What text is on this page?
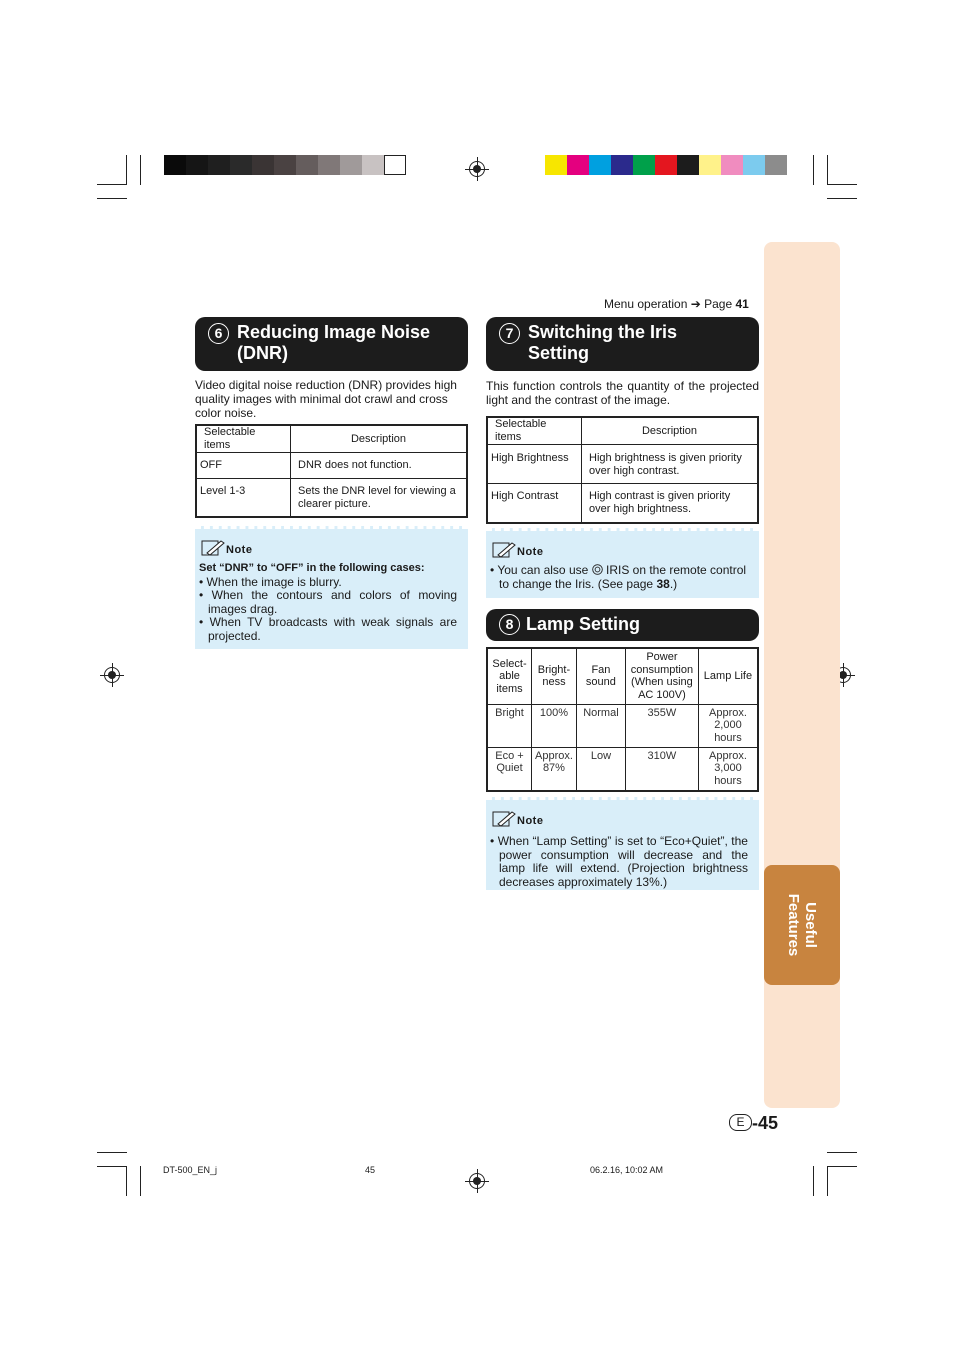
Useful
Features
Menu operation ➔ Page 41
6 Reducing Image Noise
(DNR)
Video digital noise reduction (DNR) provides high quality images with minimal dot crawl and cross color noise.
Selectable items	Description
OFF	DNR does not function.
Level 1-3	Sets the DNR level for viewing a clearer picture.
Note
Set “DNR” to “OFF” in the following cases:
• When the image is blurry.
• When the contours and colors of moving images drag.
• When TV broadcasts with weak signals are projected.
7 Switching the Iris
Setting
This function controls the quantity of the projected light and the contrast of the image.
Selectable items	Description
High Brightness	High brightness is given priority over high contrast.
High Contrast	High contrast is given priority over high brightness.
Note
• You can also use IRIS on the remote control to change the Iris. (See page 38.)
8 Lamp Setting
Select-
able
items	Bright-
ness	Fan
sound	Power
consumption
(When using
AC 100V)	Lamp Life
Bright	100%	Normal	355W	Approx.
2,000
hours
Eco +
Quiet	Approx.
87%	Low	310W	Approx.
3,000
hours
Note
• When “Lamp Setting” is set to “Eco+Quiet”, the power consumption will decrease and the lamp life will extend. (Projection brightness decreases approximately 13%.)
E -45
DT-500_EN_j	45	06.2.16, 10:02 AM
